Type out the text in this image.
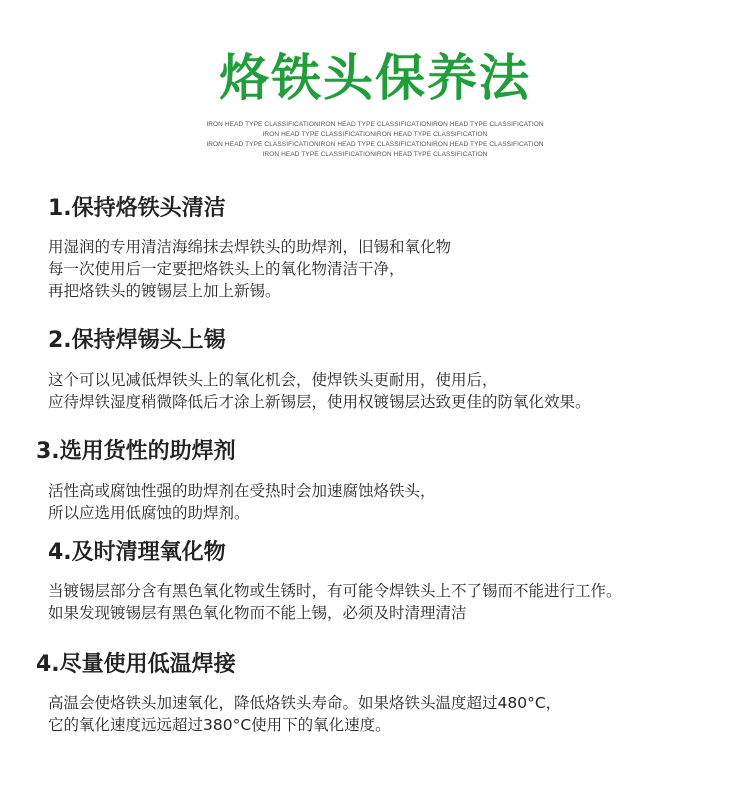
烙铁头保养法
IRON HEAD TYPE CLASSIFICATIONIRON HEAD TYPE CLASSIFICATIONIRON HEAD TYPE CLASSIFICATION
IRON HEAD TYPE CLASSIFICATIONIRON HEAD TYPE CLASSIFICATION
IRON HEAD TYPE CLASSIFICATIONIRON HEAD TYPE CLASSIFICATIONIRON HEAD TYPE CLASSIFICATION
IRON HEAD TYPE CLASSIFICATIONIRON HEAD TYPE CLASSIFICATION
1.保持烙铁头清洁
用湿润的专用清洁海绵抹去焊铁头的助焊剂，旧锡和氧化物
每一次使用后一定要把烙铁头上的氧化物清洁干净，
再把烙铁头的镀锡层上加上新锡。
2.保持焊锡头上锡
这个可以见减低焊铁头上的氧化机会，使焊铁头更耐用，使用后，
应待焊铁湿度稍微降低后才涂上新锡层，使用权镀锡层达致更佳的防氧化效果。
3.选用货性的助焊剂
活性高或腐蚀性强的助焊剂在受热时会加速腐蚀烙铁头，
所以应选用低腐蚀的助焊剂。
4.及时清理氧化物
当镀锡层部分含有黑色氧化物或生锈时，有可能令焊铁头上不了锡而不能进行工作。
如果发现镀锡层有黑色氧化物而不能上锡，必须及时清理清洁
4.尽量使用低温焊接
高温会使烙铁头加速氧化，降低烙铁头寿命。如果烙铁头温度超过480°C，
它的氧化速度远远超过380°C使用下的氧化速度。
